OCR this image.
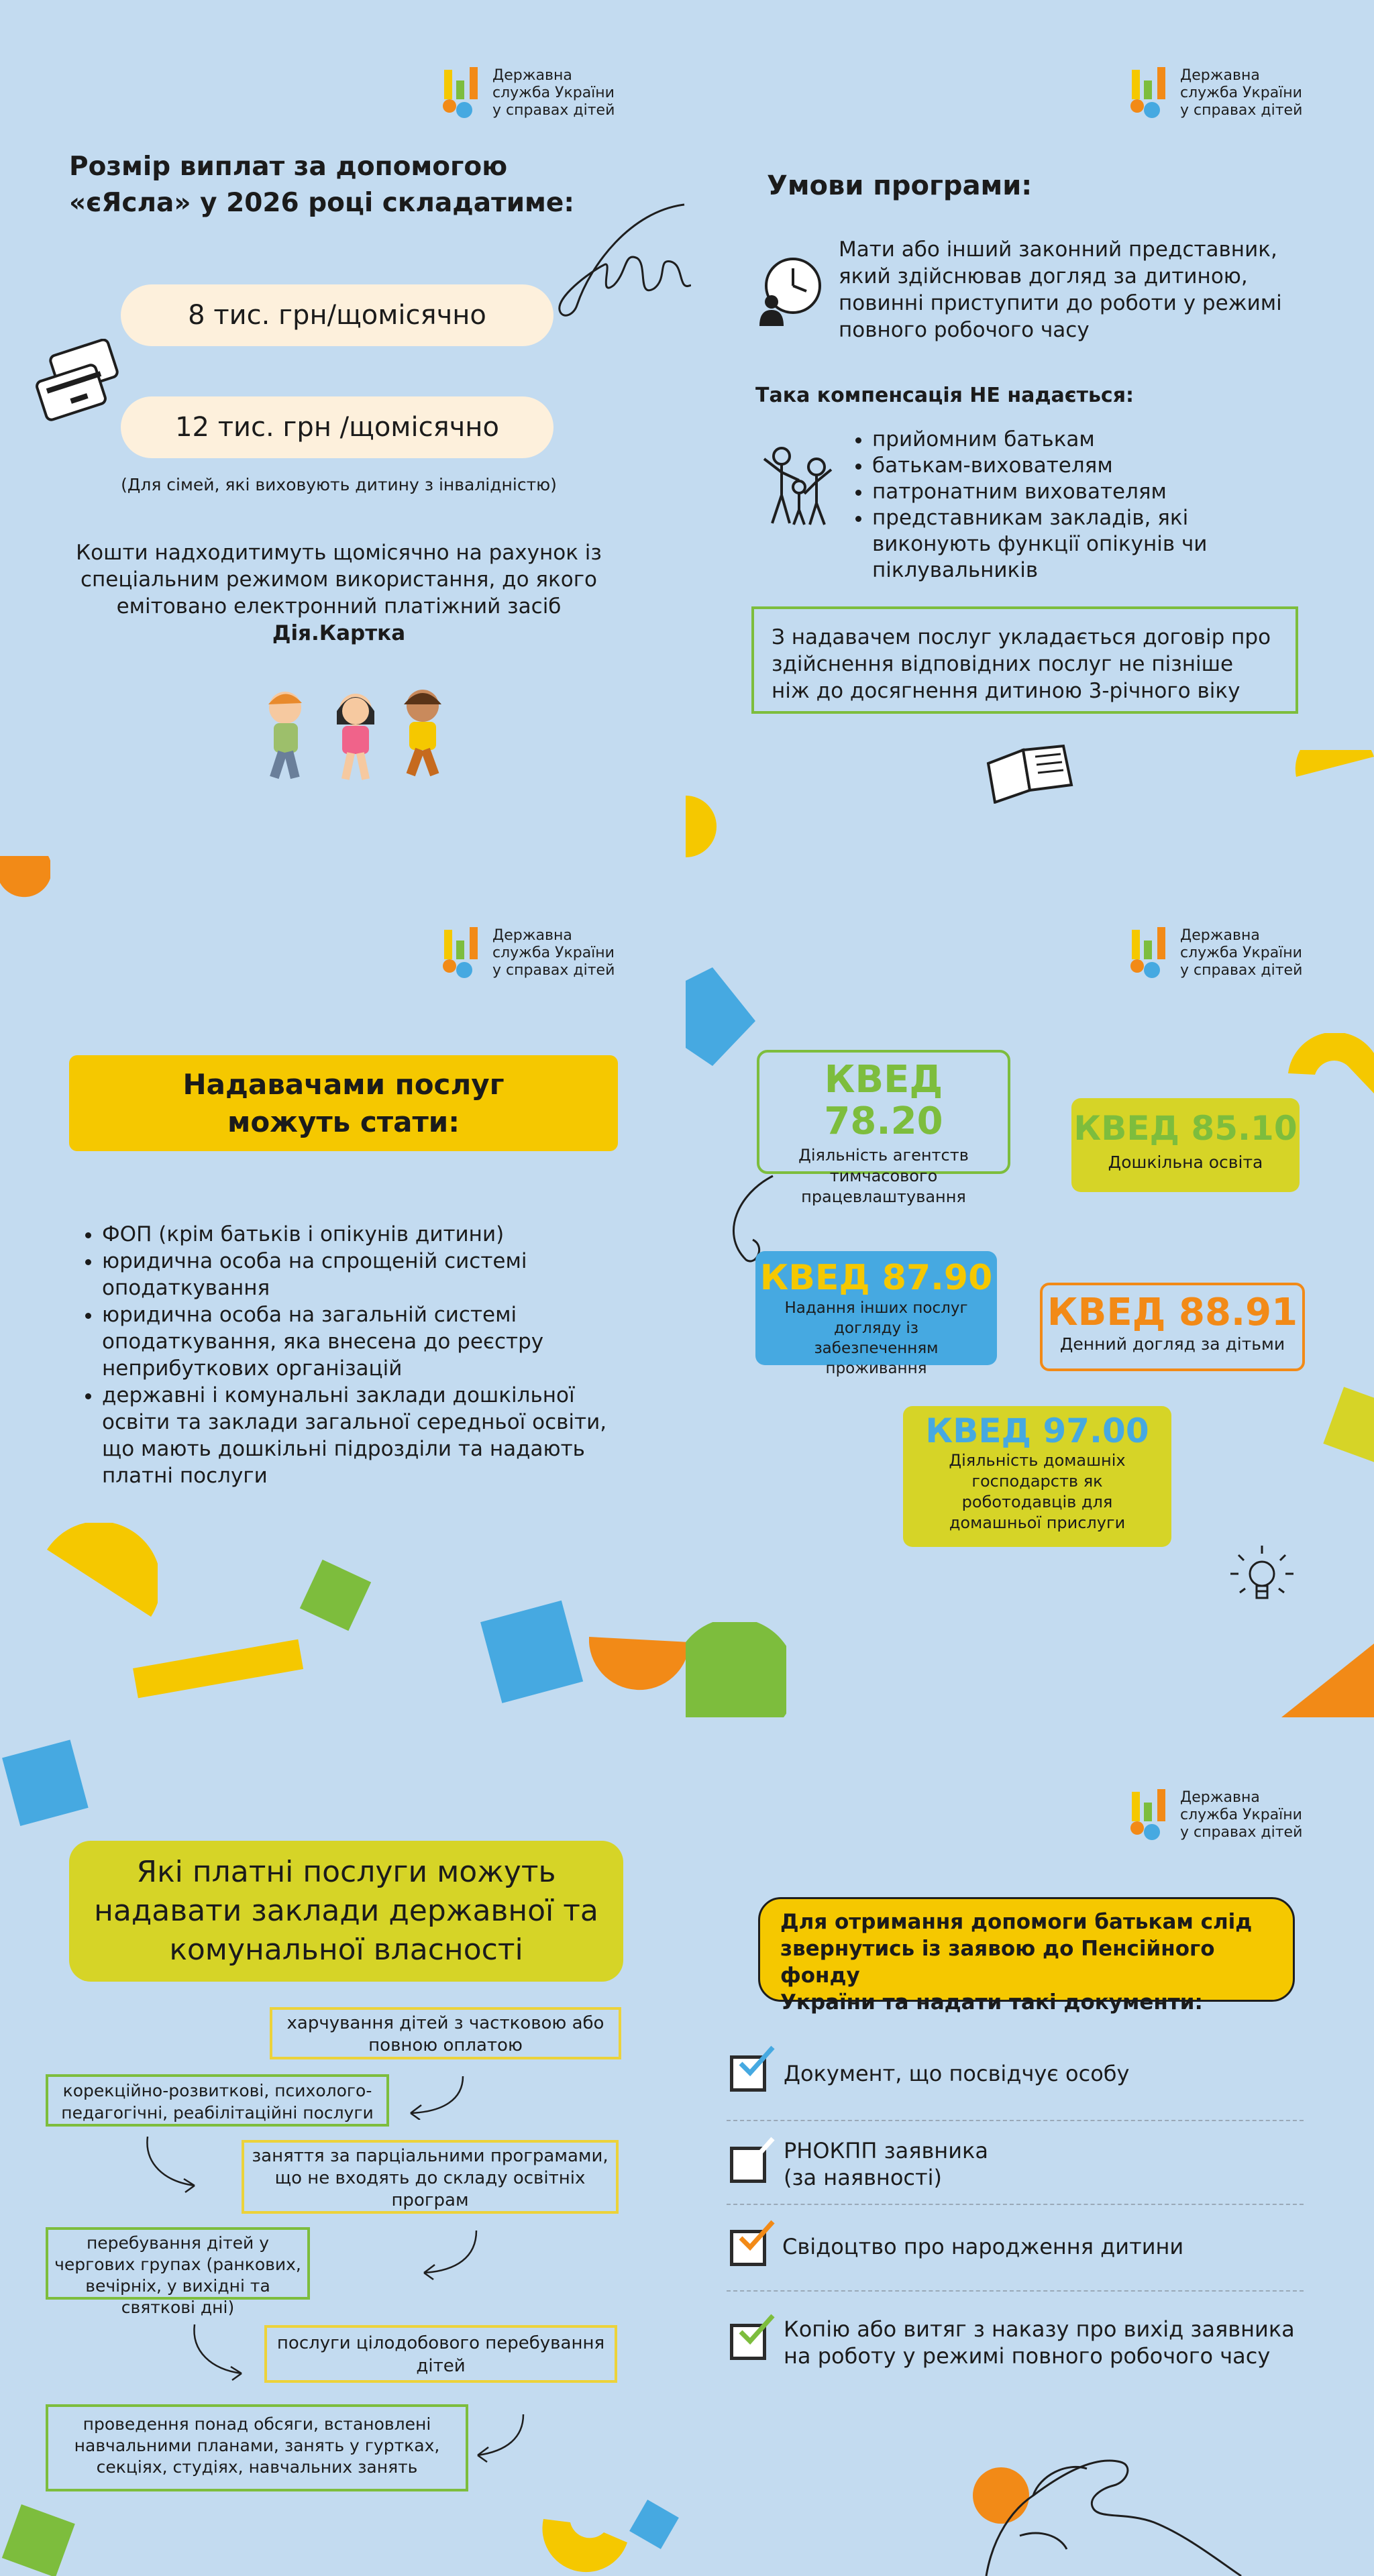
Державна
служба України
у справах дітей
Державна
служба України
у справах дітей
Державна
служба України
у справах дітей
Державна
служба України
у справах дітей
Державна
служба України
у справах дітей
Розмір виплат за допомогою
«єЯсла» у 2026 році складатиме:
8 тис. грн/щомісячно
12 тис. грн /щомісячно
(Для сімей, які виховують дитину з інвалідністю)
Кошти надходитимуть щомісячно на рахунок із
спеціальним режимом використання, до якого
емітовано електронний платіжний засіб
Дія.Картка
Умови програми:
Мати або інший законний представник,
який здійснював догляд за дитиною,
повинні приступити до роботи у режимі
повного робочого часу
Така компенсація НЕ надається:
• прийомним батькам
• батькам-вихователям
• патронатним вихователям
• представникам закладів, які виконують функції опікунів чи піклувальників
З надавачем послуг укладається договір про
здійснення відповідних послуг не пізніше
ніж до досягнення дитиною 3-річного віку
Надавачами послуг
можуть стати:
• ФОП (крім батьків і опікунів дитини)
• юридична особа на спрощеній системі оподаткування
• юридична особа на загальній системі оподаткування, яка внесена до реєстру неприбуткових організацій
• державні і комунальні заклади дошкільної освіти та заклади загальної середньої освіти, що мають дошкільні підрозділи та надають платні послуги
КВЕД 78.20
Діяльність агентств тимчасового працевлаштування
КВЕД 85.10
Дошкільна освіта
КВЕД 87.90
Надання інших послуг догляду із забезпеченням проживання
КВЕД 88.91
Денний догляд за дітьми
КВЕД 97.00
Діяльність домашніх господарств як роботодавців для домашньої прислуги
Які платні послуги можуть
надавати заклади державної та
комунальної власності
харчування дітей з частковою або повною оплатою
корекційно-розвиткові, психолого-педагогічні, реабілітаційні послуги
заняття за парціальними програмами, що не входять до складу освітніх програм
перебування дітей у чергових групах (ранкових, вечірніх, у вихідні та святкові дні)
послуги цілодобового перебування дітей
проведення понад обсяги, встановлені навчальними планами, занять у гуртках, секціях, студіях, навчальних занять
Для отримання допомоги батькам слід
звернутись із заявою до Пенсійного фонду
України та надати такі документи:
Документ, що посвідчує особу
РНОКПП заявника
(за наявності)
Свідоцтво про народження дитини
Копію або витяг з наказу про вихід заявника
на роботу у режимі повного робочого часу
